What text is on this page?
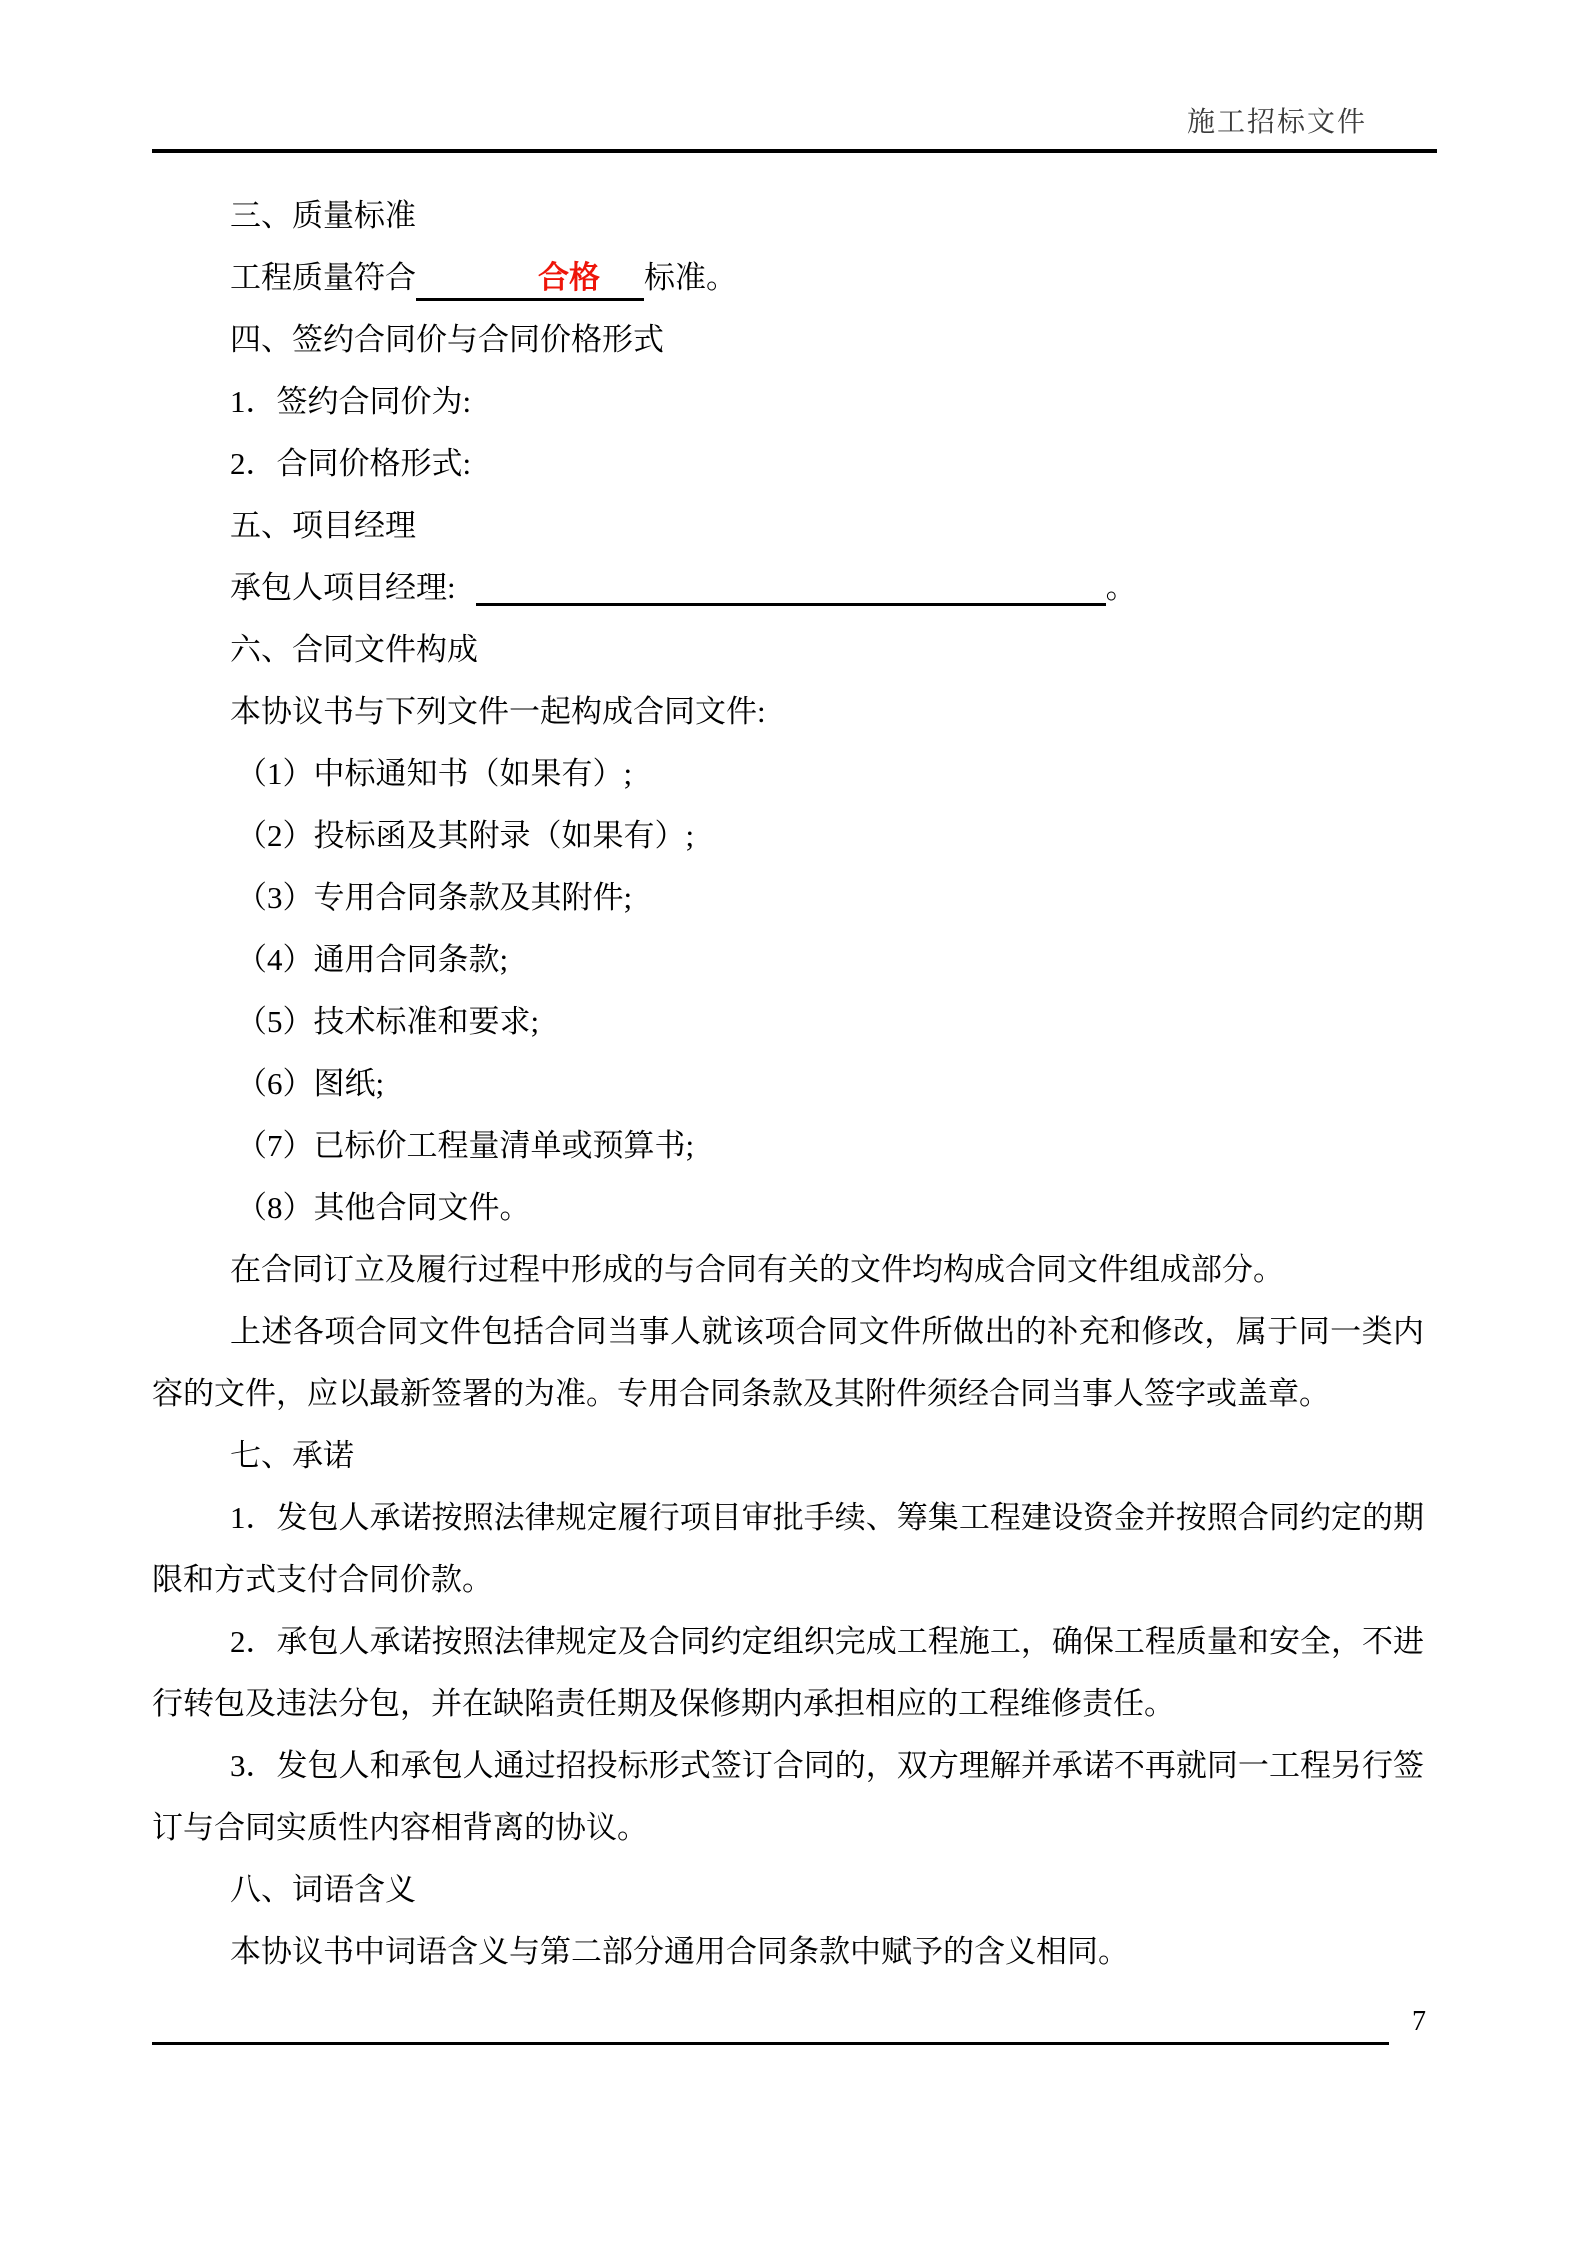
施工招标文件

三、质量标准

工程质量符合	合格 标准。

四、签约合同价与合同价格形式

1．签约合同价为:

2．合同价格形式:

五、项目经理

承包人项目经理:	。

六、合同文件构成

本协议书与下列文件一起构成合同文件:

（1）中标通知书（如果有）;

（2）投标函及其附录（如果有）;

（3）专用合同条款及其附件;

（4）通用合同条款;

（5）技术标准和要求;

（6）图纸;

（7）已标价工程量清单或预算书;

（8）其他合同文件。

在合同订立及履行过程中形成的与合同有关的文件均构成合同文件组成部分。

上述各项合同文件包括合同当事人就该项合同文件所做出的补充和修改，属于同一类内容的文件，应以最新签署的为准。专用合同条款及其附件须经合同当事人签字或盖章。

七、承诺

1．发包人承诺按照法律规定履行项目审批手续、筹集工程建设资金并按照合同约定的期限和方式支付合同价款。

2．承包人承诺按照法律规定及合同约定组织完成工程施工，确保工程质量和安全，不进行转包及违法分包，并在缺陷责任期及保修期内承担相应的工程维修责任。

3．发包人和承包人通过招投标形式签订合同的，双方理解并承诺不再就同一工程另行签订与合同实质性内容相背离的协议。

八、词语含义

本协议书中词语含义与第二部分通用合同条款中赋予的含义相同。

7
